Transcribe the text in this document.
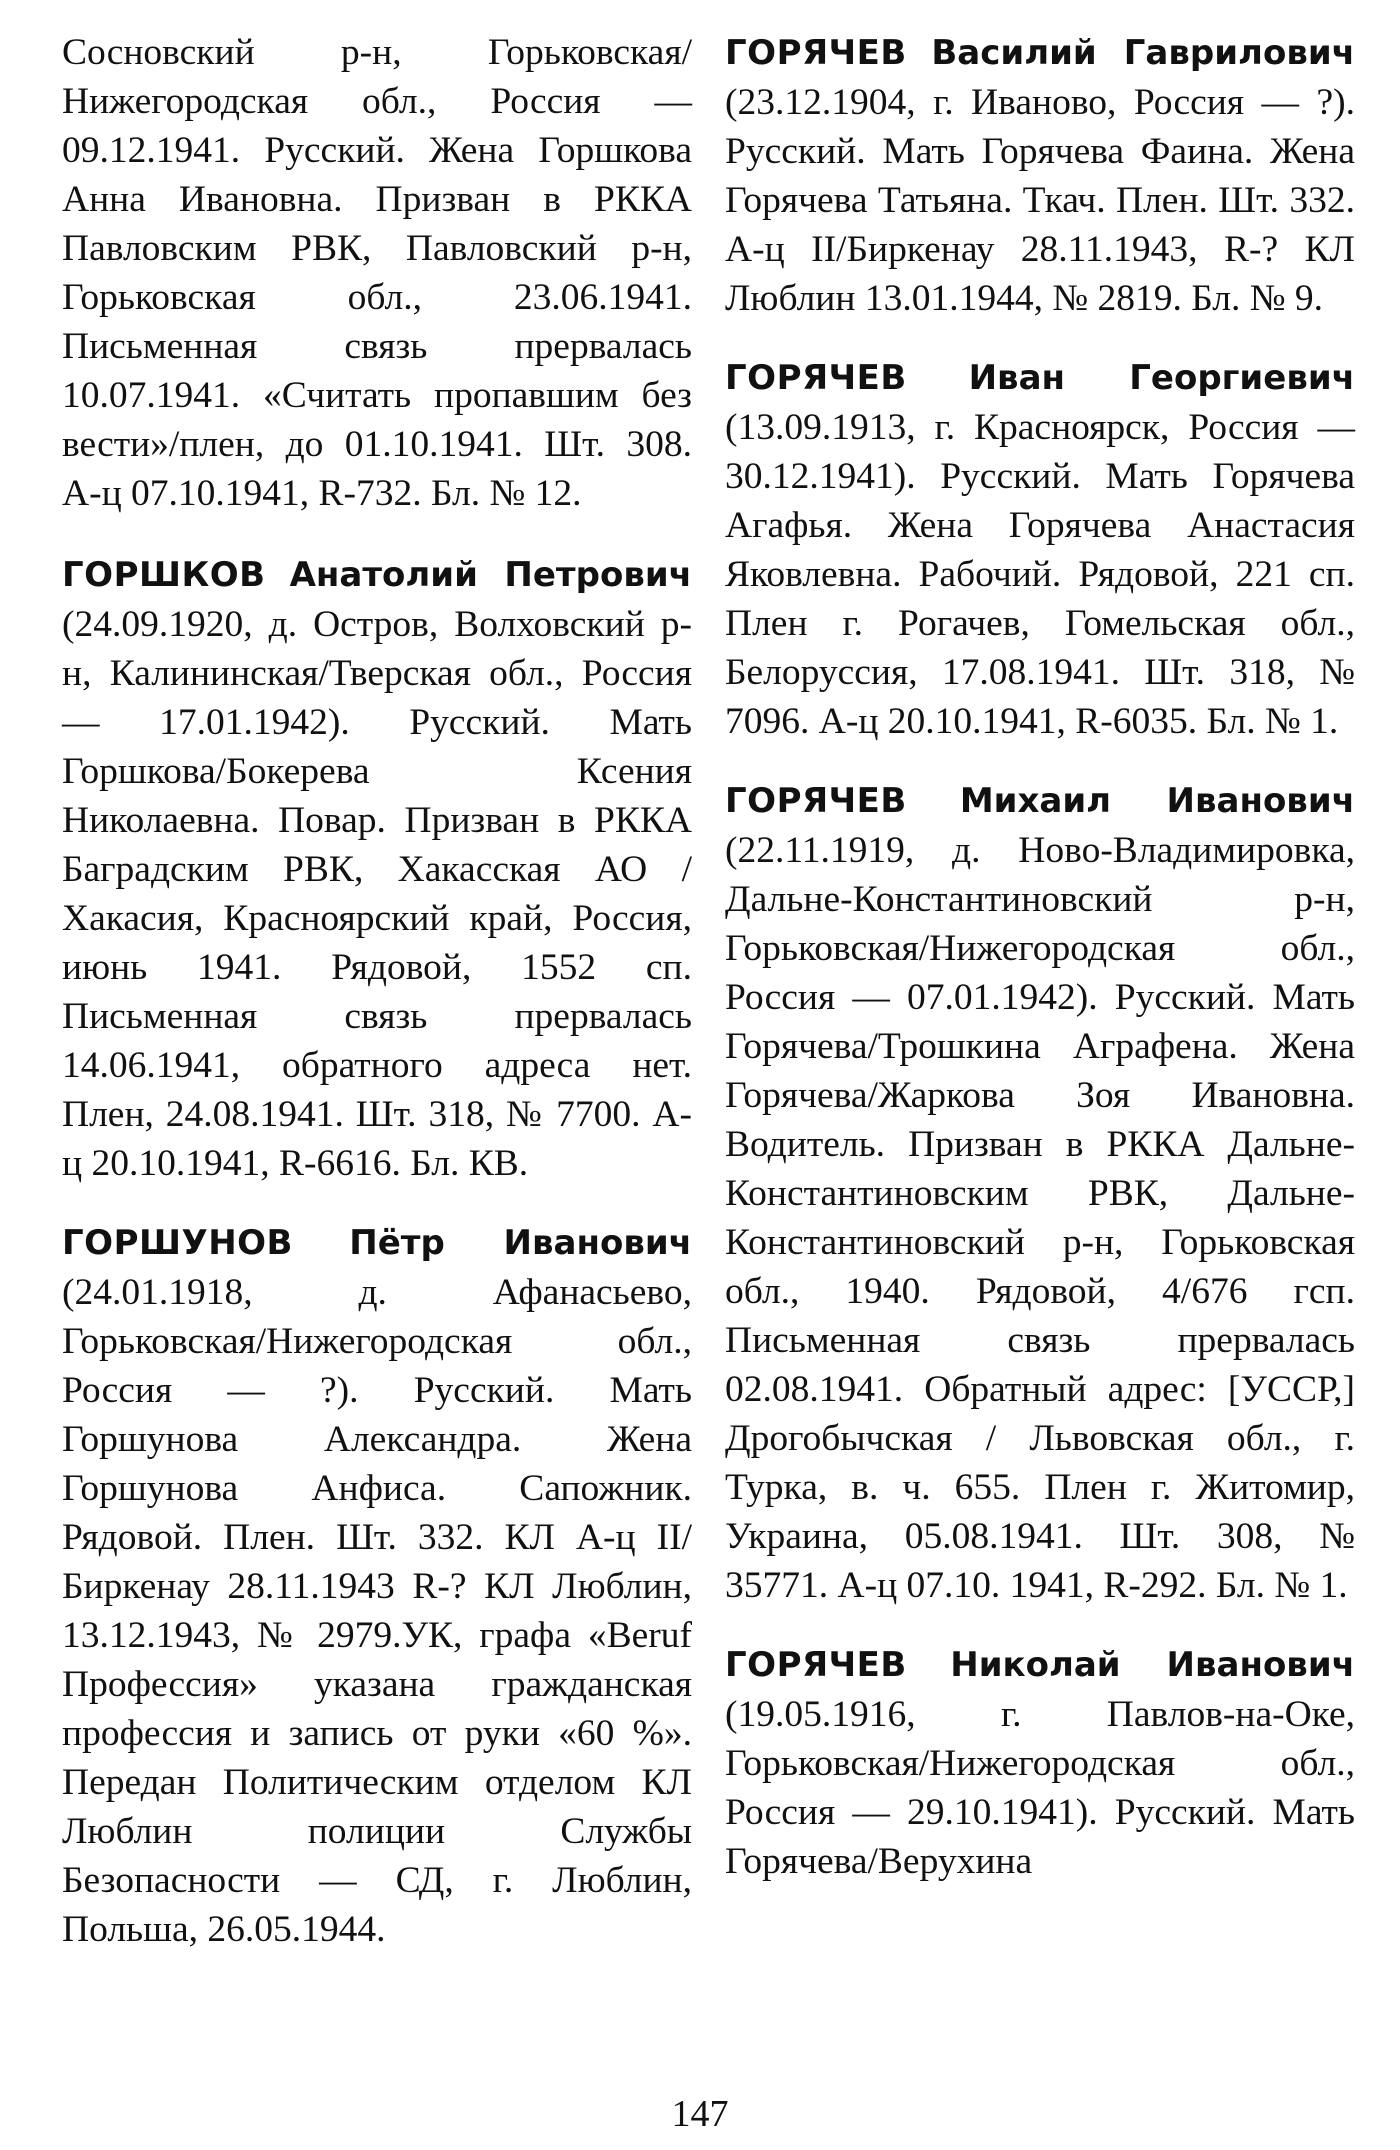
Сосновский р-н, Горьковская/Нижегородская обл., Россия — 09.12.1941. Русский. Жена Горшкова Анна Ивановна. Призван в РККА Павловским РВК, Павловский р-н, Горьковская обл., 23.06.1941. Письменная связь прервалась 10.07.1941. «Считать пропавшим без вести»/плен, до 01.10.1941. Шт. 308. А-ц 07.10.1941, R-732. Бл. № 12.

ГОРШКОВ Анатолий Петрович (24.09.1920, д. Остров, Волховский р-н, Калининская/Тверская обл., Россия — 17.01.1942). Русский. Мать Горшкова/Бокерева Ксения Николаевна. Повар. Призван в РККА Баградским РВК, Хакасская АО / Хакасия, Красноярский край, Россия, июнь 1941. Рядовой, 1552 сп. Письменная связь прервалась 14.06.1941, обратного адреса нет. Плен, 24.08.1941. Шт. 318, № 7700. А-ц 20.10.1941, R-6616. Бл. КВ.

ГОРШУНОВ Пётр Иванович (24.01.1918, д. Афанасьево, Горьковская/Нижегородская обл., Россия — ?). Русский. Мать Горшунова Александра. Жена Горшунова Анфиса. Сапожник. Рядовой. Плен. Шт. 332. КЛ А-ц II/Биркенау 28.11.1943 R-? КЛ Люблин, 13.12.1943, № 2979.УК, графа «Beruf Профессия» указана гражданская профессия и запись от руки «60 %». Передан Политическим отделом КЛ Люблин полиции Службы Безопасности — СД, г. Люблин, Польша, 26.05.1944.

ГОРЯЧЕВ Василий Гаврилович (23.12.1904, г. Иваново, Россия — ?). Русский. Мать Горячева Фаина. Жена Горячева Татьяна. Ткач. Плен. Шт. 332. А-ц II/Биркенау 28.11.1943, R-? КЛ Люблин 13.01.1944, № 2819. Бл. № 9.

ГОРЯЧЕВ Иван Георгиевич (13.09.1913, г. Красноярск, Россия — 30.12.1941). Русский. Мать Горячева Агафья. Жена Горячева Анастасия Яковлевна. Рабочий. Рядовой, 221 сп. Плен г. Рогачев, Гомельская обл., Белоруссия, 17.08.1941. Шт. 318, № 7096. А-ц 20.10.1941, R-6035. Бл. № 1.

ГОРЯЧЕВ Михаил Иванович (22.11.1919, д. Ново-Владимировка, Дальне-Константиновский р-н, Горьковская/Нижегородская обл., Россия — 07.01.1942). Русский. Мать Горячева/Трошкина Аграфена. Жена Горячева/Жаркова Зоя Ивановна. Водитель. Призван в РККА Дальне-Константиновским РВК, Дальне-Константиновский р-н, Горьковская обл., 1940. Рядовой, 4/676 гсп. Письменная связь прервалась 02.08.1941. Обратный адрес: [УССР,] Дрогобычская / Львовская обл., г. Турка, в. ч. 655. Плен г. Житомир, Украина, 05.08.1941. Шт. 308, № 35771. А-ц 07.10. 1941, R-292. Бл. № 1.

ГОРЯЧЕВ Николай Иванович (19.05.1916, г. Павлов-на-Оке, Горьковская/Нижегородская обл., Россия — 29.10.1941). Русский. Мать Горячева/Верухина

147
